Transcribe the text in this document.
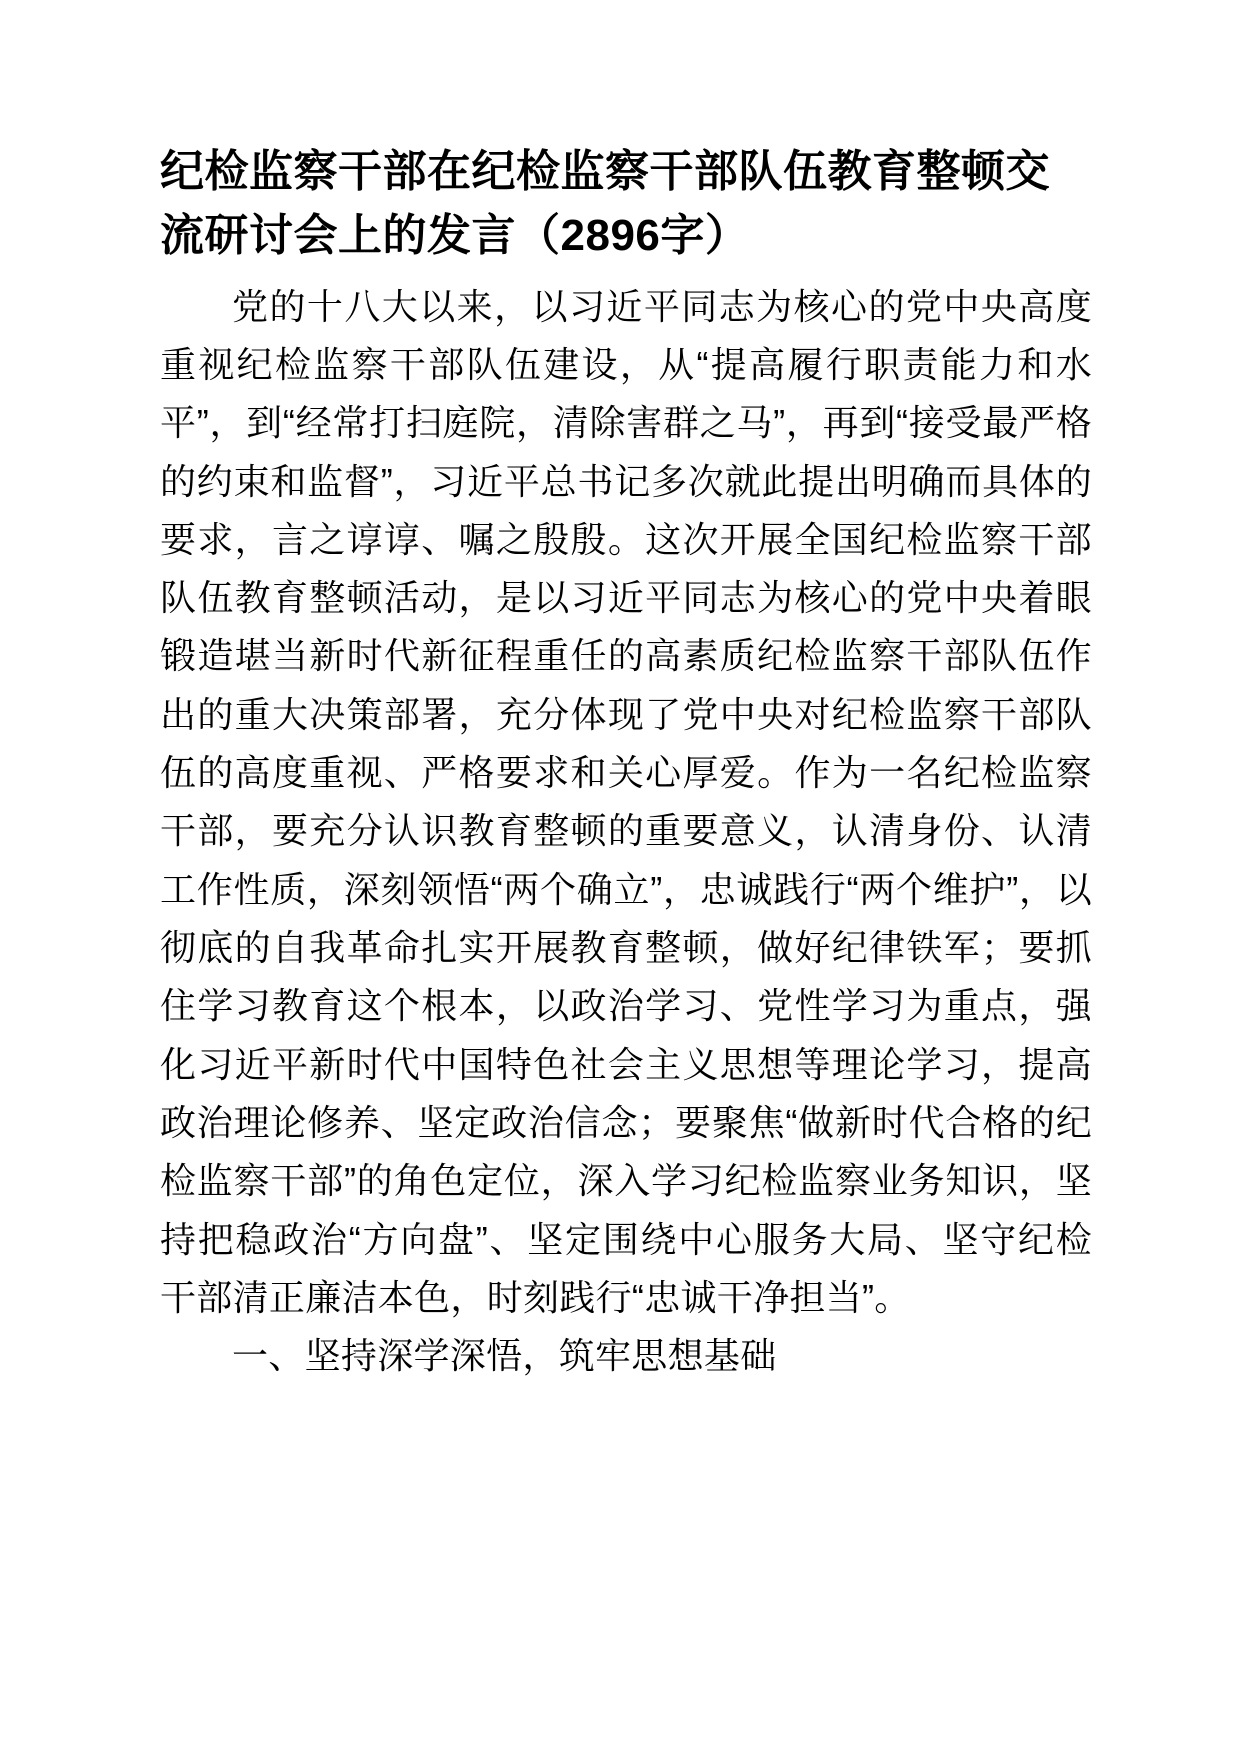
纪检监察干部在纪检监察干部队伍教育整顿交流研讨会上的发言（2896字）

党的十八大以来，以习近平同志为核心的党中央高度重视纪检监察干部队伍建设，从“提高履行职责能力和水平”，到“经常打扫庭院，清除害群之马”，再到“接受最严格的约束和监督”，习近平总书记多次就此提出明确而具体的要求，言之谆谆、嘱之殷殷。这次开展全国纪检监察干部队伍教育整顿活动，是以习近平同志为核心的党中央着眼锻造堪当新时代新征程重任的高素质纪检监察干部队伍作出的重大决策部署，充分体现了党中央对纪检监察干部队伍的高度重视、严格要求和关心厚爱。作为一名纪检监察干部，要充分认识教育整顿的重要意义，认清身份、认清工作性质，深刻领悟“两个确立”，忠诚践行“两个维护”，以彻底的自我革命扎实开展教育整顿，做好纪律铁军；要抓住学习教育这个根本，以政治学习、党性学习为重点，强化习近平新时代中国特色社会主义思想等理论学习，提高政治理论修养、坚定政治信念；要聚焦“做新时代合格的纪检监察干部”的角色定位，深入学习纪检监察业务知识，坚持把稳政治“方向盘”、坚定围绕中心服务大局、坚守纪检干部清正廉洁本色，时刻践行“忠诚干净担当”。

一、坚持深学深悟，筑牢思想基础
